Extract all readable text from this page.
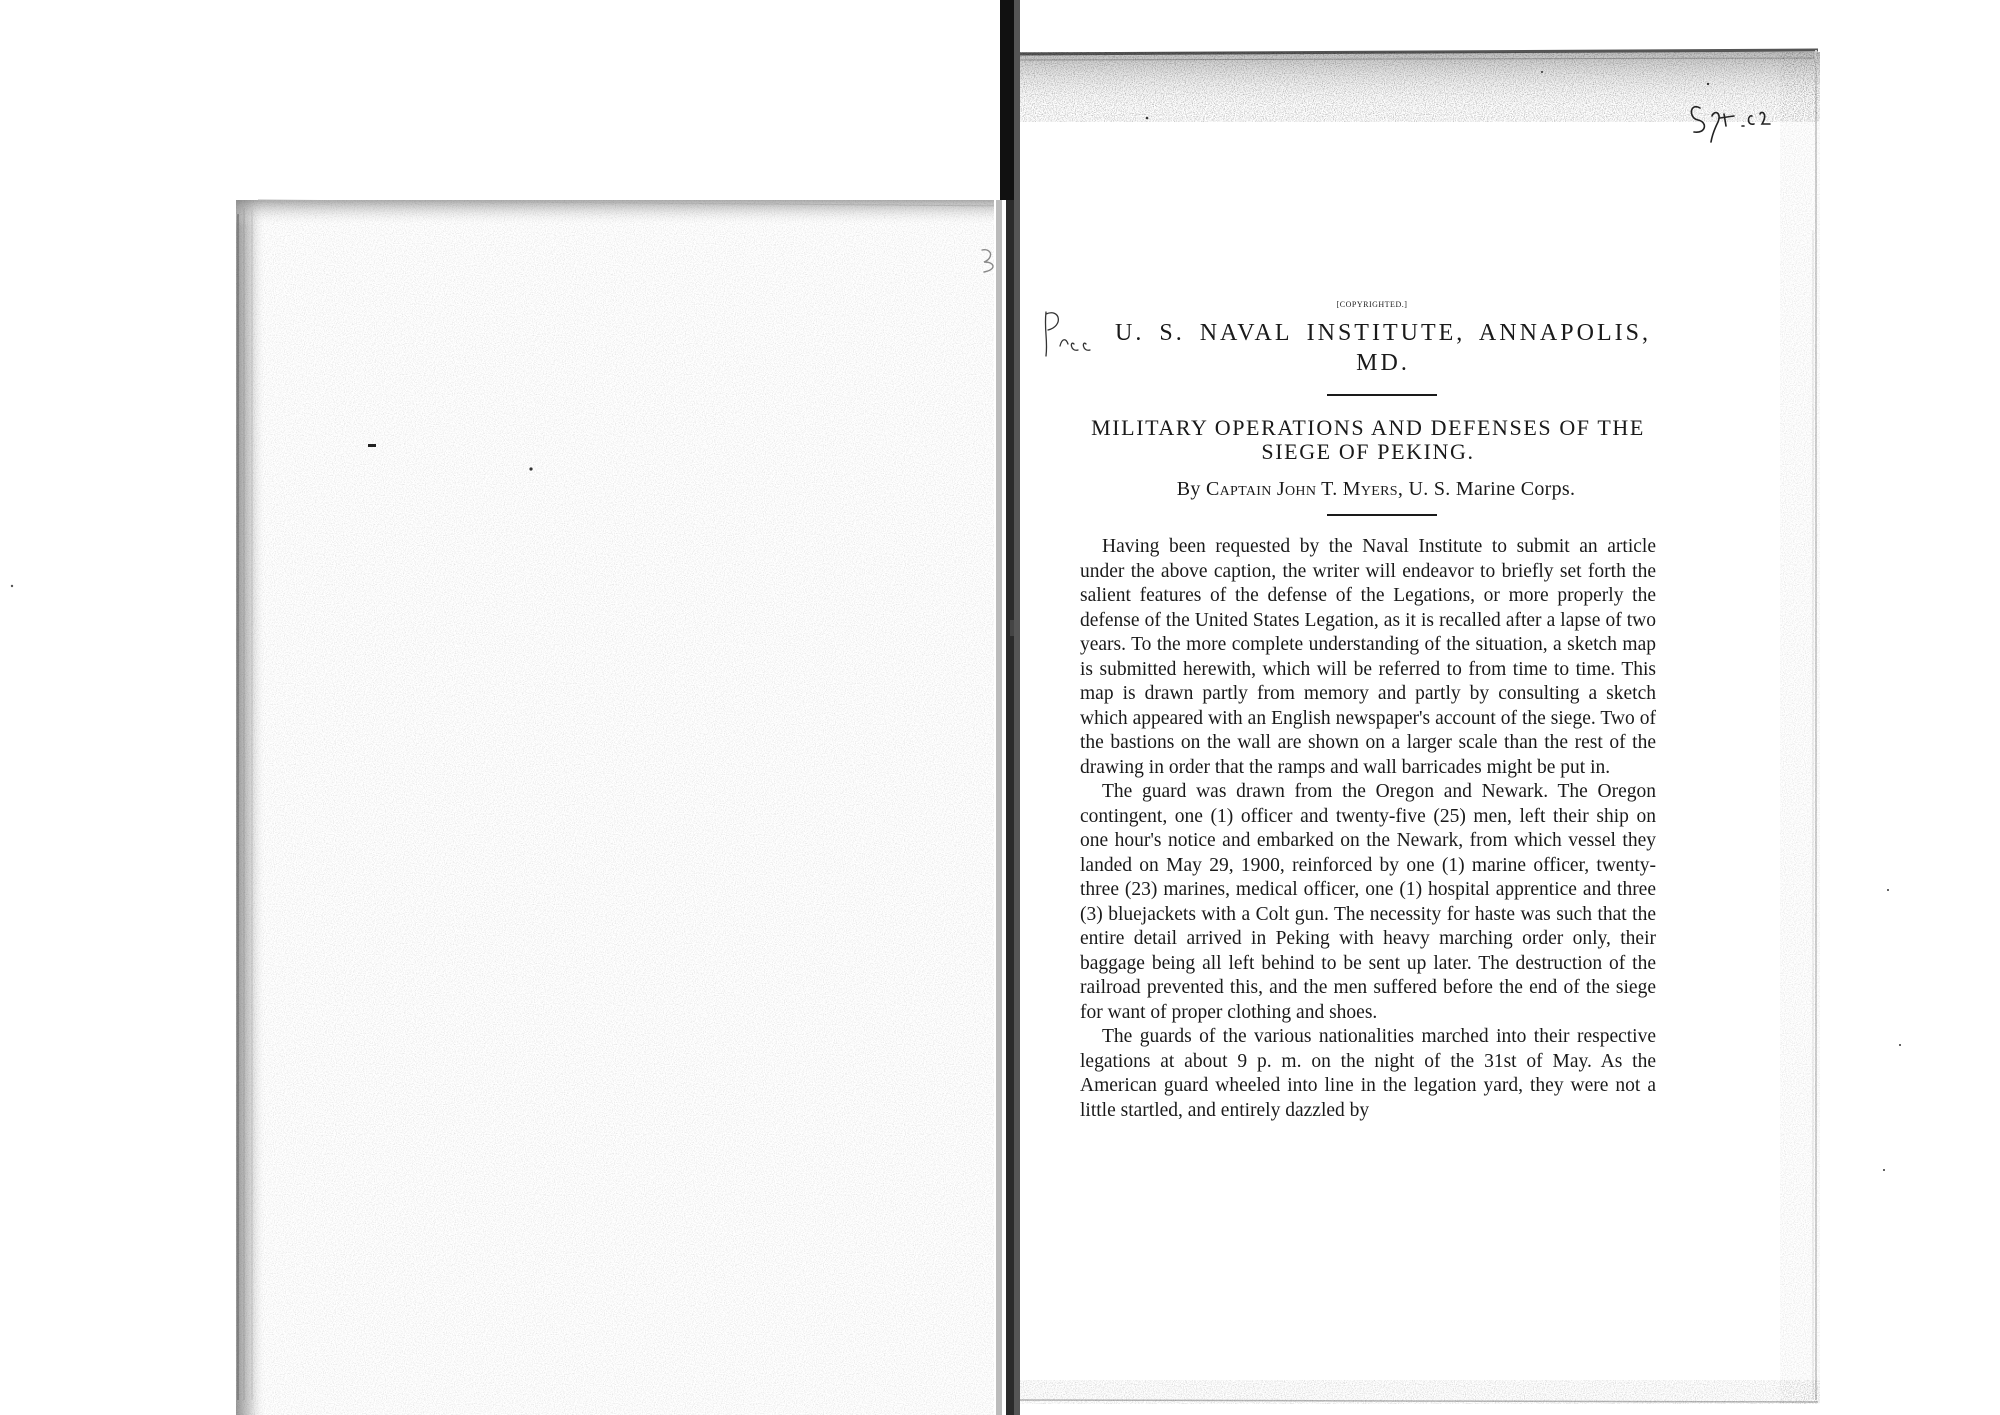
[COPYRIGHTED.]
U. S. NAVAL INSTITUTE, ANNAPOLIS, MD.
MILITARY OPERATIONS AND DEFENSES OF THE SIEGE OF PEKING.
By Captain John T. Myers, U. S. Marine Corps.

Having been requested by the Naval Institute to submit an article under the above caption, the writer will endeavor to briefly set forth the salient features of the defense of the Legations, or more properly the defense of the United States Legation, as it is recalled after a lapse of two years. To the more complete understanding of the situation, a sketch map is submitted herewith, which will be referred to from time to time. This map is drawn partly from memory and partly by consulting a sketch which appeared with an English newspaper's account of the siege. Two of the bastions on the wall are shown on a larger scale than the rest of the drawing in order that the ramps and wall barricades might be put in.

The guard was drawn from the Oregon and Newark. The Oregon contingent, one (1) officer and twenty-five (25) men, left their ship on one hour's notice and embarked on the Newark, from which vessel they landed on May 29, 1900, reinforced by one (1) marine officer, twenty-three (23) marines, medical officer, one (1) hospital apprentice and three (3) bluejackets with a Colt gun. The necessity for haste was such that the entire detail arrived in Peking with heavy marching order only, their baggage being all left behind to be sent up later. The destruction of the railroad prevented this, and the men suffered before the end of the siege for want of proper clothing and shoes.

The guards of the various nationalities marched into their respective legations at about 9 p. m. on the night of the 31st of May. As the American guard wheeled into line in the legation yard, they were not a little startled, and entirely dazzled by
